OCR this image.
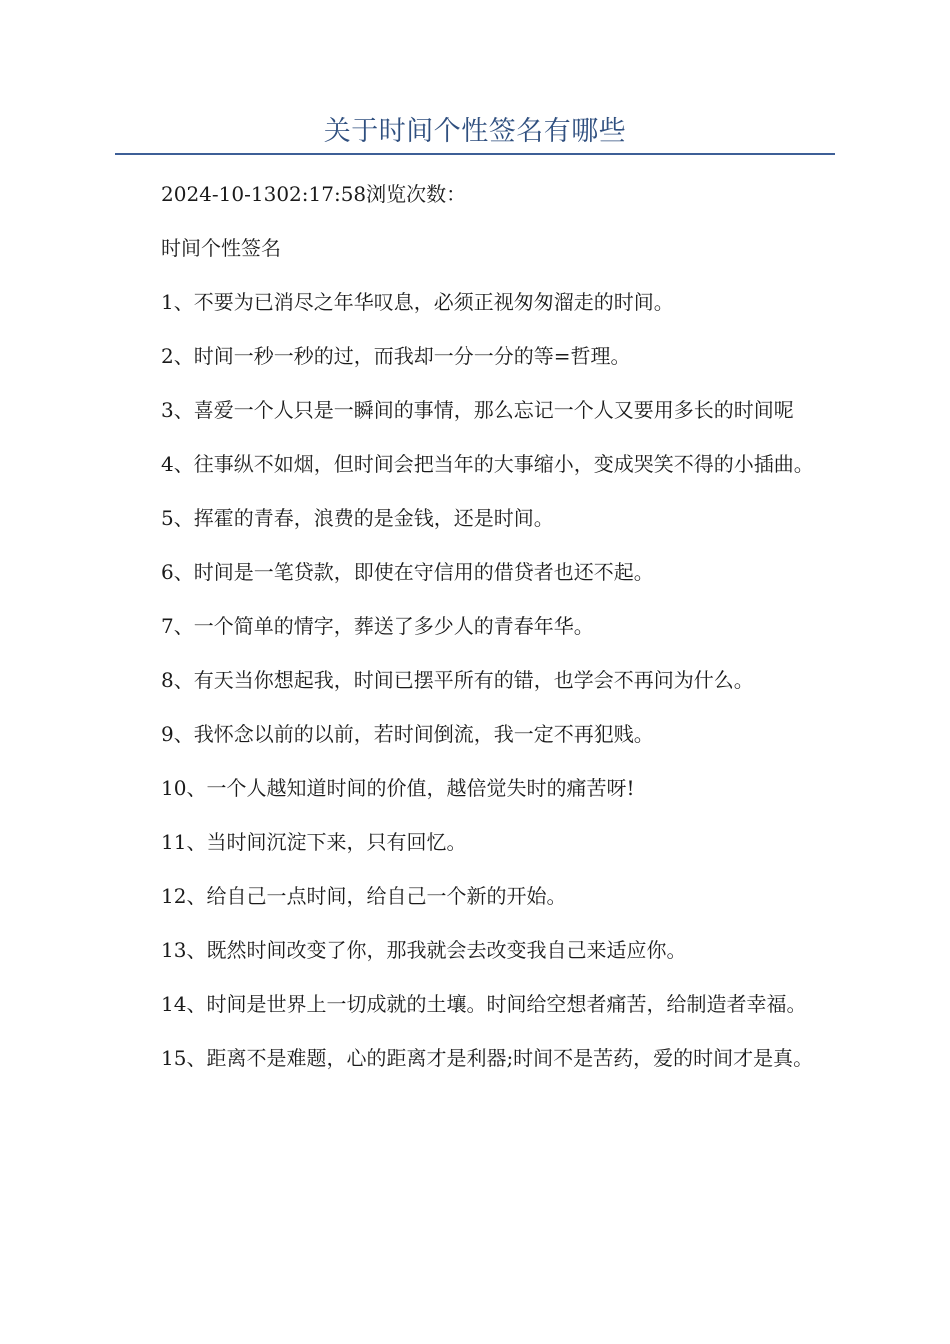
关于时间个性签名有哪些

2024-10-1302:17:58浏览次数：

时间个性签名

1、不要为已消尽之年华叹息，必须正视匆匆溜走的时间。

2、时间一秒一秒的过，而我却一分一分的等=哲理。

3、喜爱一个人只是一瞬间的事情，那么忘记一个人又要用多长的时间呢

4、往事纵不如烟，但时间会把当年的大事缩小，变成哭笑不得的小插曲。

5、挥霍的青春，浪费的是金钱，还是时间。

6、时间是一笔贷款，即使在守信用的借贷者也还不起。

7、一个简单的情字，葬送了多少人的青春年华。

8、有天当你想起我，时间已摆平所有的错，也学会不再问为什么。

9、我怀念以前的以前，若时间倒流，我一定不再犯贱。

10、一个人越知道时间的价值，越倍觉失时的痛苦呀!

11、当时间沉淀下来，只有回忆。

12、给自己一点时间，给自己一个新的开始。

13、既然时间改变了你，那我就会去改变我自己来适应你。

14、时间是世界上一切成就的土壤。时间给空想者痛苦，给制造者幸福。

15、距离不是难题，心的距离才是利器;时间不是苦药，爱的时间才是真。
